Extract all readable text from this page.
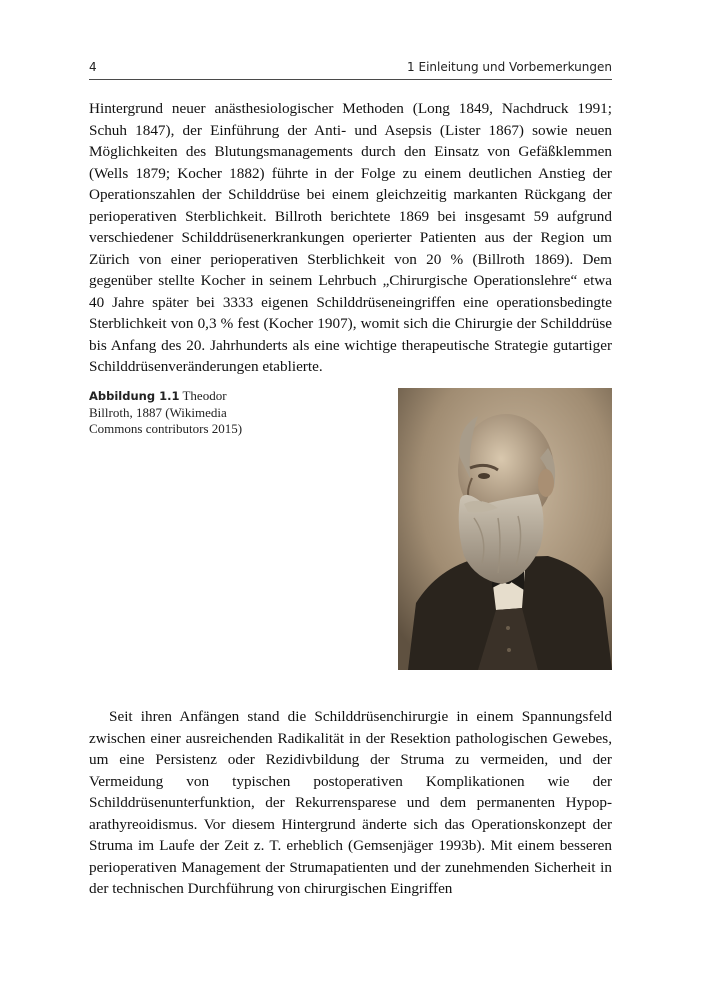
4	1 Einleitung und Vorbemerkungen

Hintergrund neuer anästhesiologischer Methoden (Long 1849, Nachdruck 1991; Schuh 1847), der Einführung der Anti- und Asepsis (Lister 1867) sowie neuen Möglichkeiten des Blutungsmanagements durch den Einsatz von Gefäßklemmen (Wells 1879; Kocher 1882) führte in der Folge zu einem deutlichen Anstieg der Operationszahlen der Schilddrüse bei einem gleichzeitig markanten Rückgang der perioperativen Sterblichkeit. Billroth berichtete 1869 bei insgesamt 59 aufgrund verschiedener Schilddrüsenerkrankungen operierter Patienten aus der Region um Zürich von einer perioperativen Sterblichkeit von 20 % (Billroth 1869). Dem gegenüber stellte Kocher in seinem Lehrbuch „Chirurgische Operationslehre“ etwa 40 Jahre später bei 3333 eigenen Schilddrüseneingriffen eine operationsbedingte Sterblichkeit von 0,3 % fest (Kocher 1907), womit sich die Chirurgie der Schilddrüse bis Anfang des 20. Jahrhunderts als eine wichtige therapeutische Strategie gutartiger Schilddrüsenveränderungen etablierte.

Abbildung 1.1 Theodor Billroth, 1887 (Wikimedia Commons contributors 2015)

Seit ihren Anfängen stand die Schilddrüsenchirurgie in einem Spannungsfeld zwischen einer ausreichenden Radikalität in der Resektion pathologischen Gewebes, um eine Persistenz oder Rezidivbildung der Struma zu vermeiden, und der Vermeidung von typischen postoperativen Komplikationen wie der Schilddrüsenunterfunktion, der Rekurrensparese und dem permanenten Hypoparathyreoidismus. Vor diesem Hintergrund änderte sich das Operationskonzept der Struma im Laufe der Zeit z. T. erheblich (Gemsenjäger 1993b). Mit einem besseren perioperativen Management der Strumapatienten und der zunehmenden Sicherheit in der technischen Durchführung von chirurgischen Eingriffen
